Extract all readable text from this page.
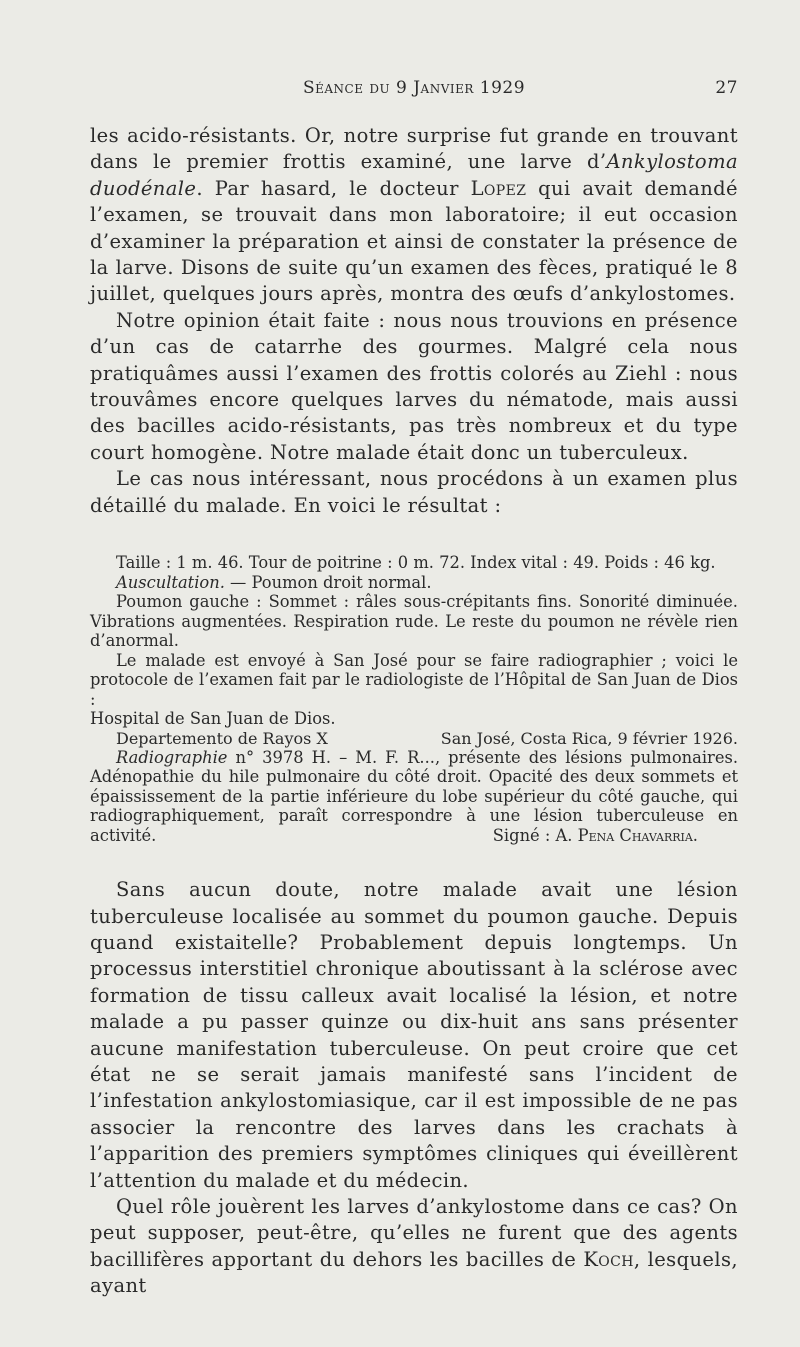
Séance du 9 Janvier 1929	27

les acido-résistants. Or, notre surprise fut grande en trouvant dans le premier frottis examiné, une larve d’Ankylostoma duodénale. Par hasard, le docteur Lopez qui avait demandé l’examen, se trouvait dans mon laboratoire; il eut occasion d’examiner la préparation et ainsi de constater la présence de la larve. Disons de suite qu’un examen des fèces, pratiqué le 8 juillet, quelques jours après, montra des œufs d’ankylostomes.

Notre opinion était faite : nous nous trouvions en présence d’un cas de catarrhe des gourmes. Malgré cela nous pratiquâmes aussi l’examen des frottis colorés au Ziehl : nous trouvâmes encore quelques larves du nématode, mais aussi des bacilles acido-résistants, pas très nombreux et du type court homogène. Notre malade était donc un tuberculeux.

Le cas nous intéressant, nous procédons à un examen plus détaillé du malade. En voici le résultat :

Taille : 1 m. 46. Tour de poitrine : 0 m. 72. Index vital : 49. Poids : 46 kg.

Auscultation. — Poumon droit normal.

Poumon gauche : Sommet : râles sous-crépitants fins. Sonorité diminuée. Vibrations augmentées. Respiration rude. Le reste du poumon ne révèle rien d’anormal.

Le malade est envoyé à San José pour se faire radiographier ; voici le protocole de l’examen fait par le radiologiste de l’Hôpital de San Juan de Dios :

Hospital de San Juan de Dios.

Departemento de Rayos X	San José, Costa Rica, 9 février 1926.

Radiographie n° 3978 H. – M. F. R..., présente des lésions pulmonaires. Adénopathie du hile pulmonaire du côté droit. Opacité des deux sommets et épaississement de la partie inférieure du lobe supérieur du côté gauche, qui radiographiquement, paraît correspondre à une lésion tuberculeuse en activité.	Signé : A. Pena Chavarria.

Sans aucun doute, notre malade avait une lésion tuberculeuse localisée au sommet du poumon gauche. Depuis quand existaitelle? Probablement depuis longtemps. Un processus interstitiel chronique aboutissant à la sclérose avec formation de tissu calleux avait localisé la lésion, et notre malade a pu passer quinze ou dix-huit ans sans présenter aucune manifestation tuberculeuse. On peut croire que cet état ne se serait jamais manifesté sans l’incident de l’infestation ankylostomiasique, car il est impossible de ne pas associer la rencontre des larves dans les crachats à l’apparition des premiers symptômes cliniques qui éveillèrent l’attention du malade et du médecin.

Quel rôle jouèrent les larves d’ankylostome dans ce cas? On peut supposer, peut-être, qu’elles ne furent que des agents bacillifères apportant du dehors les bacilles de Koch, lesquels, ayant
